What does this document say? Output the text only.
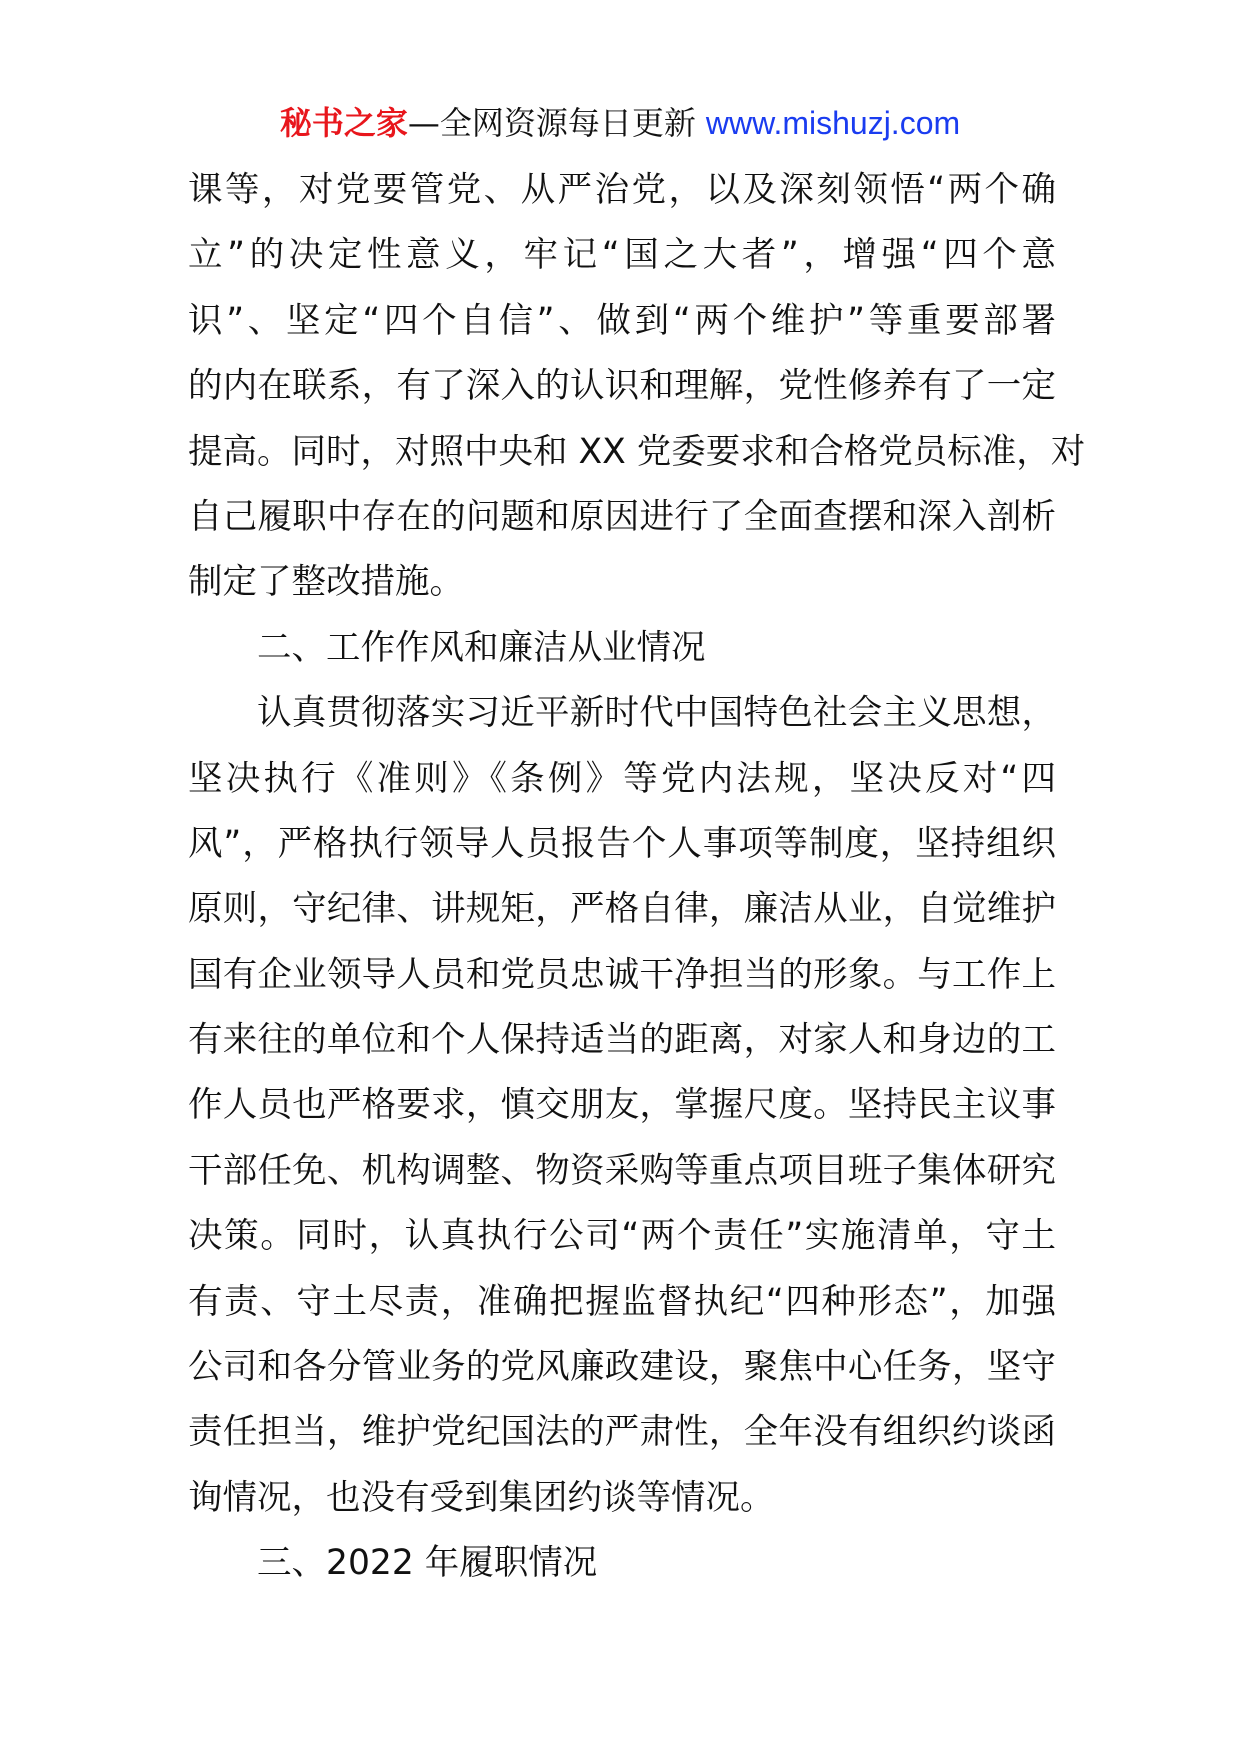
秘书之家—全网资源每日更新 www.mishuzj.com
课等，对党要管党、从严治党，以及深刻领悟“两个确
立”的决定性意义，牢记“国之大者”，增强“四个意
识”、坚定“四个自信”、做到“两个维护”等重要部署
的内在联系，有了深入的认识和理解，党性修养有了一定
提高。同时，对照中央和 XX 党委要求和合格党员标准，对
自己履职中存在的问题和原因进行了全面查摆和深入剖析
制定了整改措施。
二、工作作风和廉洁从业情况
认真贯彻落实习近平新时代中国特色社会主义思想，
坚决执行《准则》《条例》等党内法规，坚决反对“四
风”，严格执行领导人员报告个人事项等制度，坚持组织
原则，守纪律、讲规矩，严格自律，廉洁从业，自觉维护
国有企业领导人员和党员忠诚干净担当的形象。与工作上
有来往的单位和个人保持适当的距离，对家人和身边的工
作人员也严格要求，慎交朋友，掌握尺度。坚持民主议事
干部任免、机构调整、物资采购等重点项目班子集体研究
决策。同时，认真执行公司“两个责任”实施清单，守土
有责、守土尽责，准确把握监督执纪“四种形态”，加强
公司和各分管业务的党风廉政建设，聚焦中心任务，坚守
责任担当，维护党纪国法的严肃性，全年没有组织约谈函
询情况，也没有受到集团约谈等情况。
三、2022 年履职情况
